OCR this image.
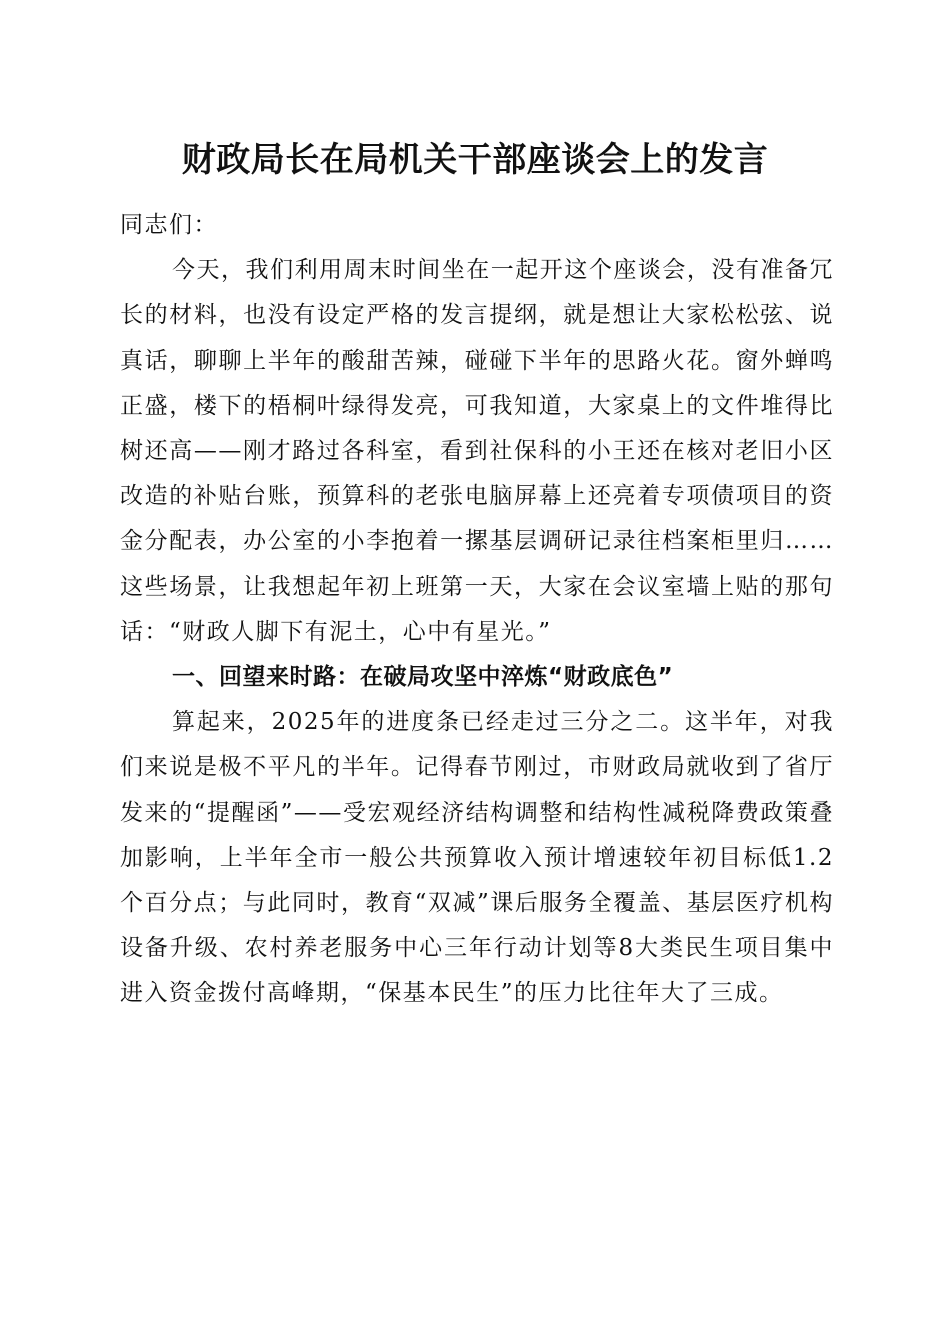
财政局长在局机关干部座谈会上的发言

同志们：

今天，我们利用周末时间坐在一起开这个座谈会，没有准备冗长的材料，也没有设定严格的发言提纲，就是想让大家松松弦、说真话，聊聊上半年的酸甜苦辣，碰碰下半年的思路火花。窗外蝉鸣正盛，楼下的梧桐叶绿得发亮，可我知道，大家桌上的文件堆得比树还高——刚才路过各科室，看到社保科的小王还在核对老旧小区改造的补贴台账，预算科的老张电脑屏幕上还亮着专项债项目的资金分配表，办公室的小李抱着一摞基层调研记录往档案柜里归……这些场景，让我想起年初上班第一天，大家在会议室墙上贴的那句话：“财政人脚下有泥土，心中有星光。”

一、回望来时路：在破局攻坚中淬炼“财政底色”

算起来，2025年的进度条已经走过三分之二。这半年，对我们来说是极不平凡的半年。记得春节刚过，市财政局就收到了省厅发来的“提醒函”——受宏观经济结构调整和结构性减税降费政策叠加影响，上半年全市一般公共预算收入预计增速较年初目标低1.2个百分点；与此同时，教育“双减”课后服务全覆盖、基层医疗机构设备升级、农村养老服务中心三年行动计划等8大类民生项目集中进入资金拨付高峰期，“保基本民生”的压力比往年大了三成。
